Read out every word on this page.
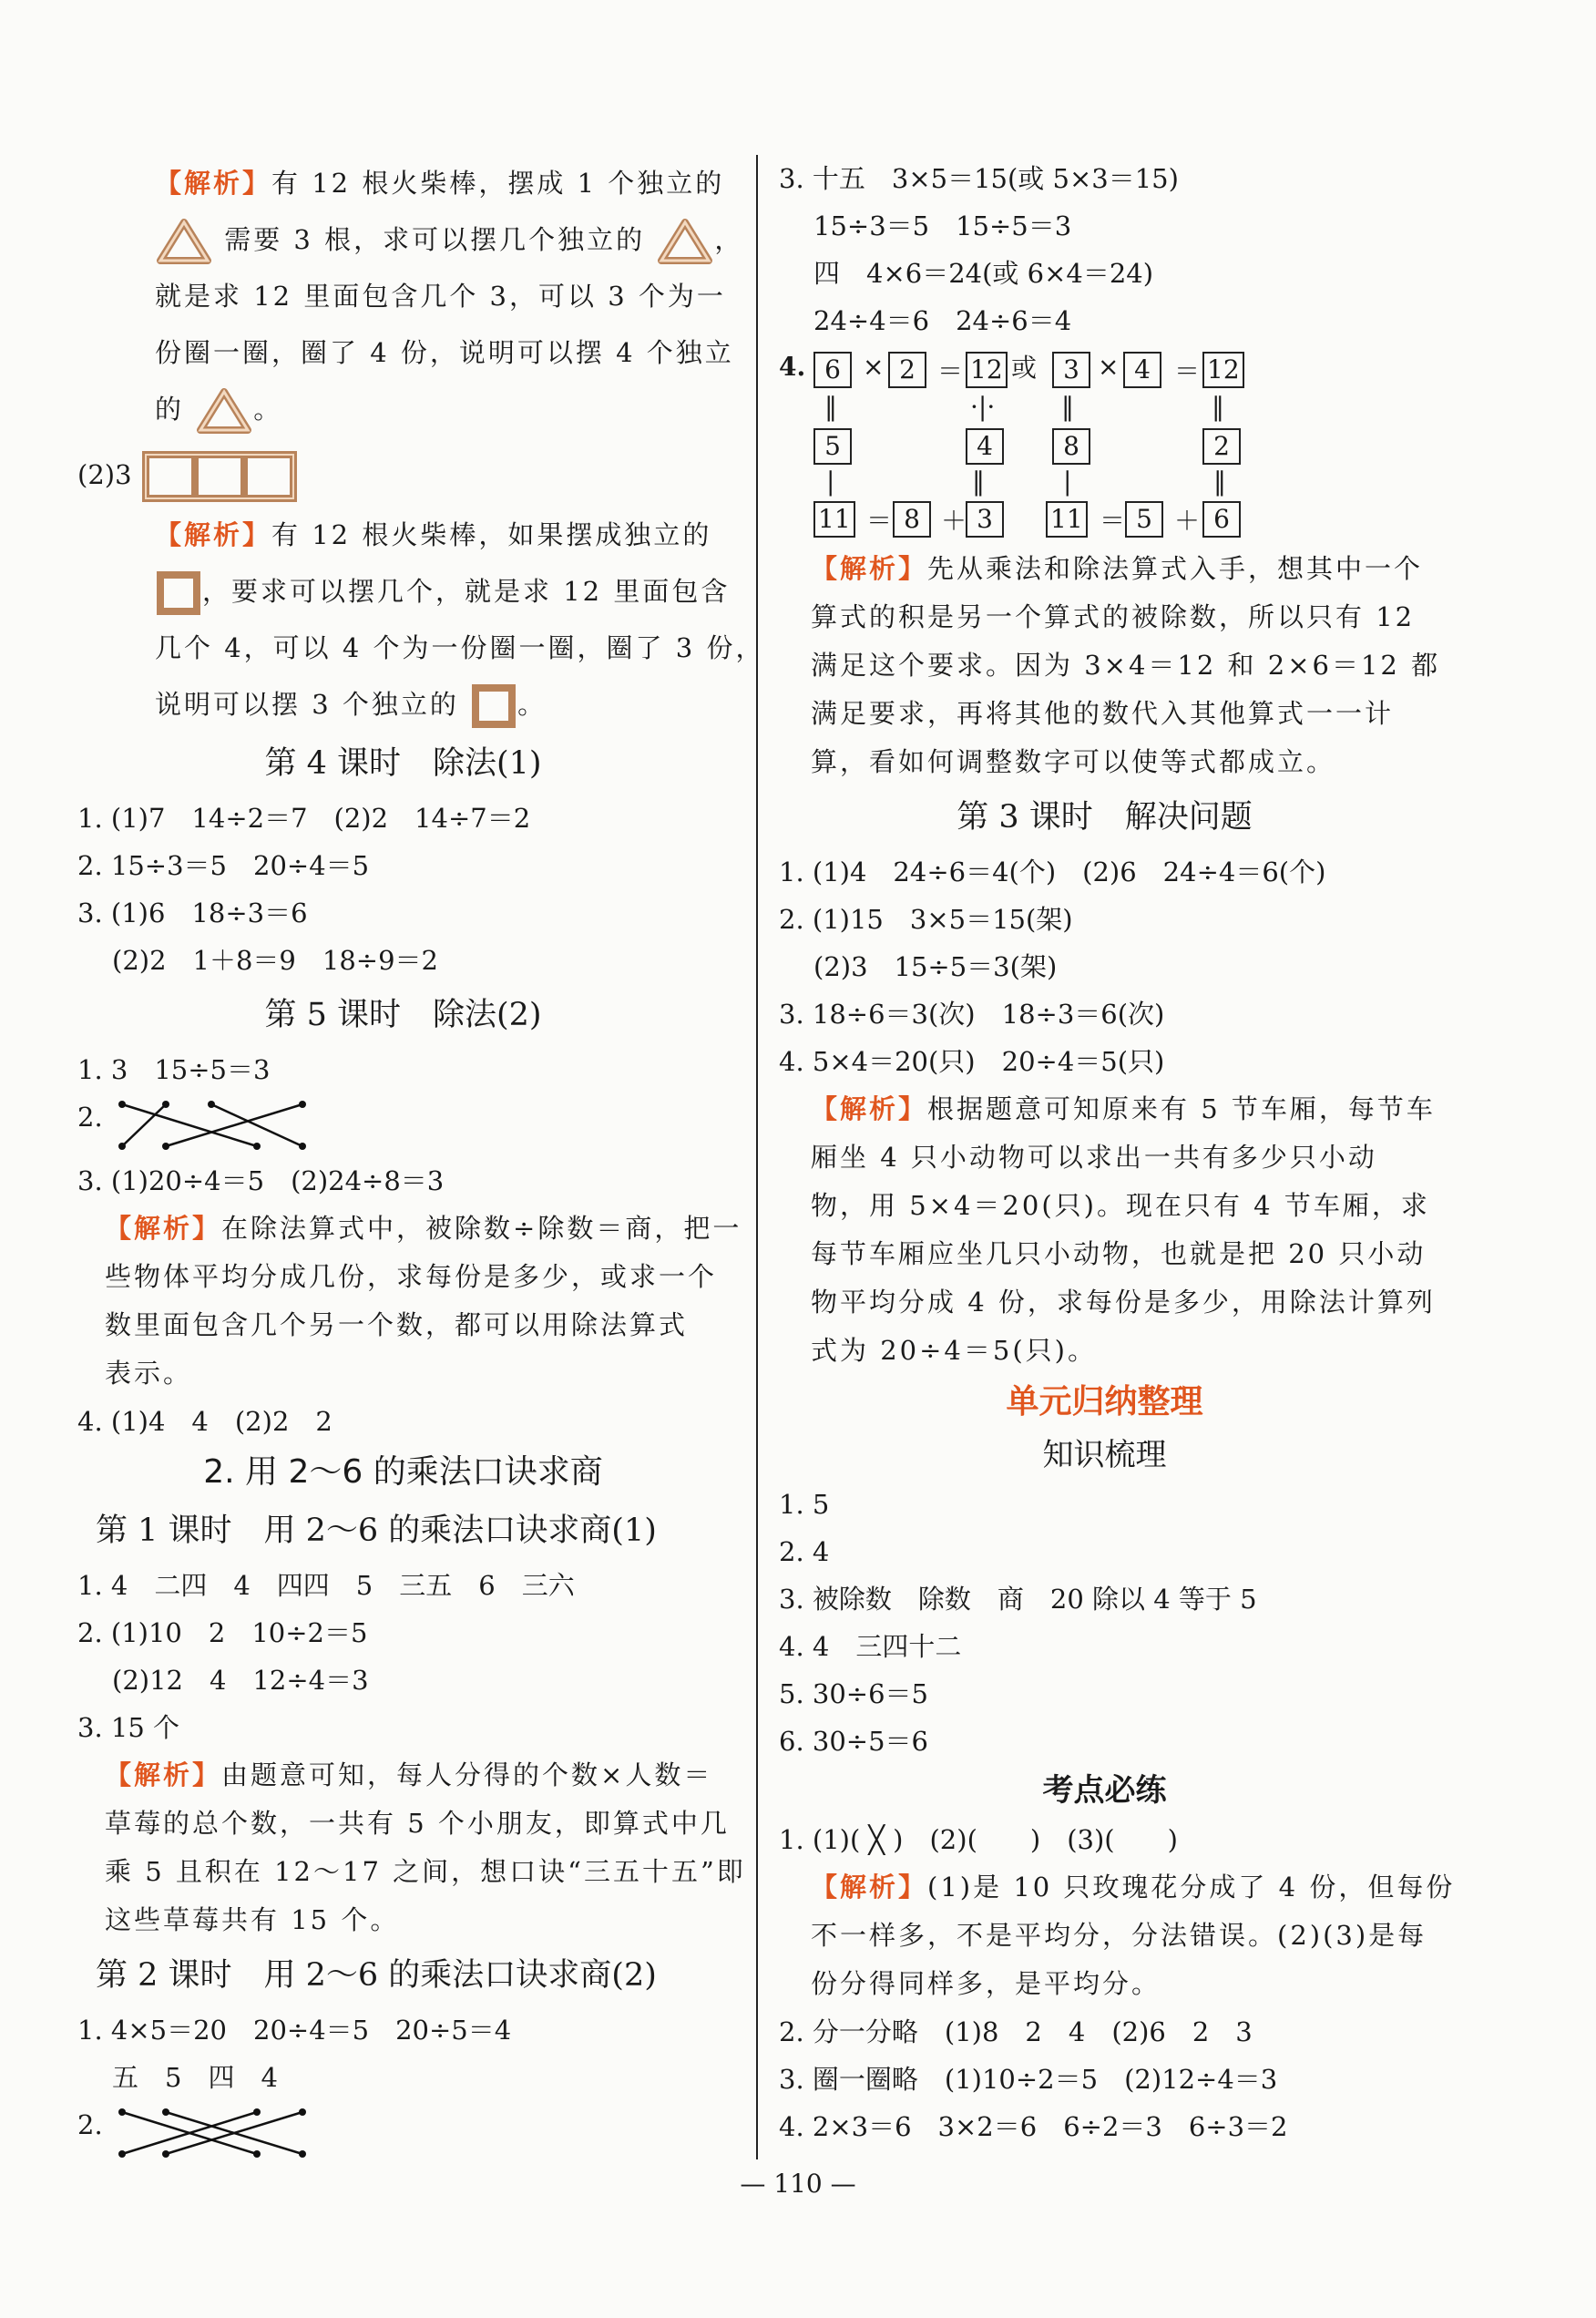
【解析】有 12 根火柴棒，摆成 1 个独立的
需要 3 根，求可以摆几个独立的	，
就是求 12 里面包含几个 3，可以 3 个为一
份圈一圈，圈了 4 份，说明可以摆 4 个独立
的	。
(2)3
【解析】有 12 根火柴棒，如果摆成独立的
，要求可以摆几个，就是求 12 里面包含
几个 4，可以 4 个为一份圈一圈，圈了 3 份，
说明可以摆 3 个独立的 。
第 4 课时　除法(1)
1. (1)7　14÷2＝7　(2)2　14÷7＝2
2. 15÷3＝5　20÷4＝5
3. (1)6　18÷3＝6
(2)2　1＋8＝9　18÷9＝2
第 5 课时　除法(2)
1. 3　15÷5＝3
2.
3. (1)20÷4＝5　(2)24÷8＝3
【解析】在除法算式中，被除数÷除数＝商，把一
些物体平均分成几份，求每份是多少，或求一个
数里面包含几个另一个数，都可以用除法算式
表示。
4. (1)4　4　(2)2　2
2. 用 2～6 的乘法口诀求商
第 1 课时　用 2～6 的乘法口诀求商(1)
1. 4　二四　4　四四　5　三五　6　三六
2. (1)10　2　10÷2＝5
(2)12　4　12÷4＝3
3. 15 个
【解析】由题意可知，每人分得的个数×人数＝
草莓的总个数，一共有 5 个小朋友，即算式中几
乘 5 且积在 12～17 之间，想口诀“三五十五”即
这些草莓共有 15 个。
第 2 课时　用 2～6 的乘法口诀求商(2)
1. 4×5＝20　20÷4＝5　20÷5＝4
五　5　四　4
2.
3. 十五　3×5＝15(或 5×3＝15)
15÷3＝5　15÷5＝3
四　4×6＝24(或 6×4＝24)
24÷4＝6　24÷6＝4
4. 6 × 2 ＝ 12 或	3 × 4 ＝ 12
‖	·|·	‖	‖
5	4	8	2
|	‖	|	‖
11 ＝ 8 ＋ 3	11 ＝ 5 ＋ 6
【解析】先从乘法和除法算式入手，想其中一个
算式的积是另一个算式的被除数，所以只有 12
满足这个要求。因为 3×4＝12 和 2×6＝12 都
满足要求，再将其他的数代入其他算式一一计
算，看如何调整数字可以使等式都成立。
第 3 课时　解决问题
1. (1)4　24÷6＝4(个)　(2)6　24÷4＝6(个)
2. (1)15　3×5＝15(架)
(2)3　15÷5＝3(架)
3. 18÷6＝3(次)　18÷3＝6(次)
4. 5×4＝20(只)　20÷4＝5(只)
【解析】根据题意可知原来有 5 节车厢，每节车
厢坐 4 只小动物可以求出一共有多少只小动
物，用 5×4＝20(只)。现在只有 4 节车厢，求
每节车厢应坐几只小动物，也就是把 20 只小动
物平均分成 4 份，求每份是多少，用除法计算列
式为 20÷4＝5(只)。
单元归纳整理
知识梳理
1. 5
2. 4
3. 被除数　除数　商　20 除以 4 等于 5
4. 4　三四十二
5. 30÷6＝5
6. 30÷5＝6
考点必练
1. (1)( ╳ )　(2)(　　)　(3)(　　)
【解析】(1)是 10 只玫瑰花分成了 4 份，但每份
不一样多，不是平均分，分法错误。(2)(3)是每
份分得同样多，是平均分。
2. 分一分略　(1)8　2　4　(2)6　2　3
3. 圈一圈略　(1)10÷2＝5　(2)12÷4＝3
4. 2×3＝6　3×2＝6　6÷2＝3　6÷3＝2
— 110 —
